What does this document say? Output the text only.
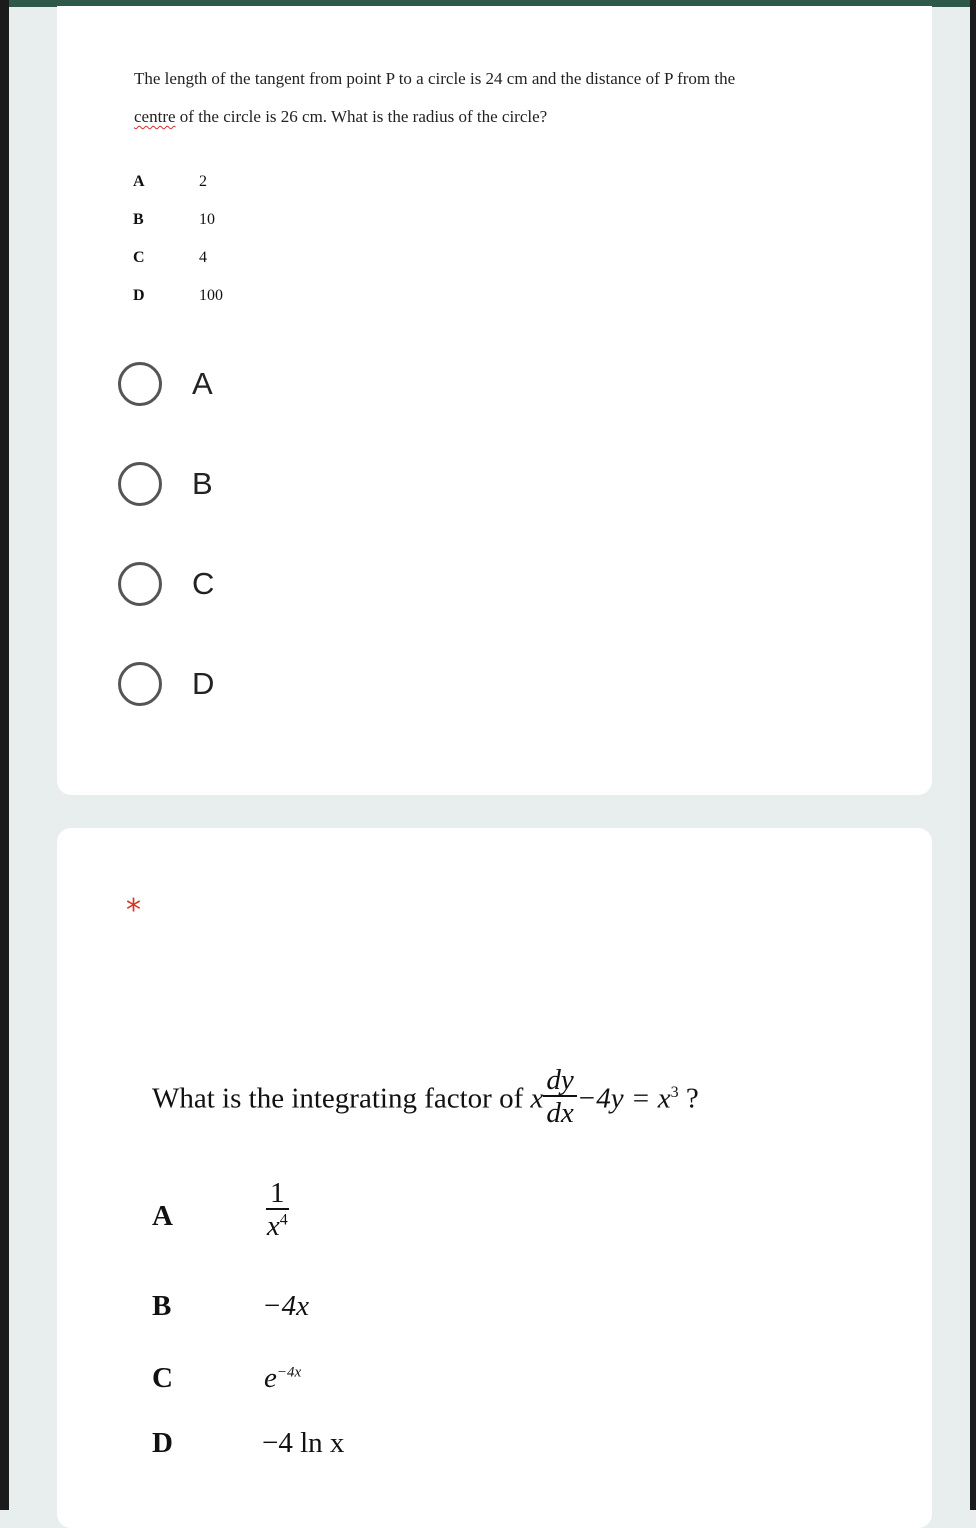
The length of the tangent from point P to a circle is 24 cm and the distance of P from the
centre of the circle is 26 cm. What is the radius of the circle?
A	2
B	10
C	4
D	100
A
B
C
D
*
What is the integrating factor of x $\frac{dy}{dx} -4y = x^3$ ?
A	$\frac{1}{x^4}$
B	−4x
C	$e^{-4x}$
D	−4 ln x
